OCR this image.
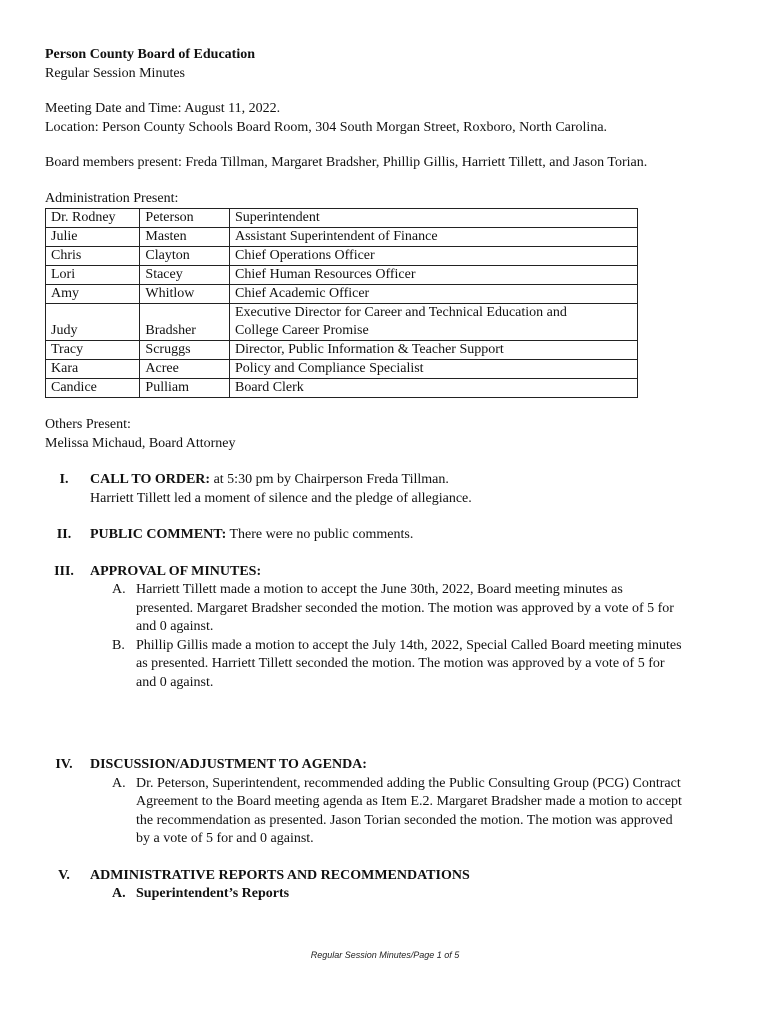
Person County Board of Education
Regular Session Minutes
Meeting Date and Time: August 11, 2022.
Location: Person County Schools Board Room, 304 South Morgan Street, Roxboro, North Carolina.
Board members present: Freda Tillman, Margaret Bradsher, Phillip Gillis, Harriett Tillett, and Jason Torian.
Administration Present:
Dr. Rodney	Peterson	Superintendent
Julie	Masten	Assistant Superintendent of Finance
Chris	Clayton	Chief Operations Officer
Lori	Stacey	Chief Human Resources Officer
Amy	Whitlow	Chief Academic Officer
Judy	Bradsher	Executive Director for Career and Technical Education and
College Career Promise

Tracy	Scruggs	Director, Public Information & Teacher Support
Kara	Acree	Policy and Compliance Specialist
Candice	Pulliam	Board Clerk
Others Present:
Melissa Michaud, Board Attorney
I.	CALL TO ORDER: at 5:30 pm by Chairperson Freda Tillman.
Harriett Tillett led a moment of silence and the pledge of allegiance.
II.	PUBLIC COMMENT: There were no public comments.
III.	APPROVAL OF MINUTES:
A. Harriett Tillett made a motion to accept the June 30th, 2022, Board meeting minutes as
presented. Margaret Bradsher seconded the motion. The motion was approved by a vote of 5 for
and 0 against.
B. Phillip Gillis made a motion to accept the July 14th, 2022, Special Called Board meeting minutes
as presented. Harriett Tillett seconded the motion. The motion was approved by a vote of 5 for
and 0 against.
IV.	DISCUSSION/ADJUSTMENT TO AGENDA:
A. Dr. Peterson, Superintendent, recommended adding the Public Consulting Group (PCG) Contract
Agreement to the Board meeting agenda as Item E.2. Margaret Bradsher made a motion to accept
the recommendation as presented. Jason Torian seconded the motion. The motion was approved
by a vote of 5 for and 0 against.
V.	ADMINISTRATIVE REPORTS AND RECOMMENDATIONS
A. Superintendent’s Reports
Regular Session Minutes/Page 1 of 5
